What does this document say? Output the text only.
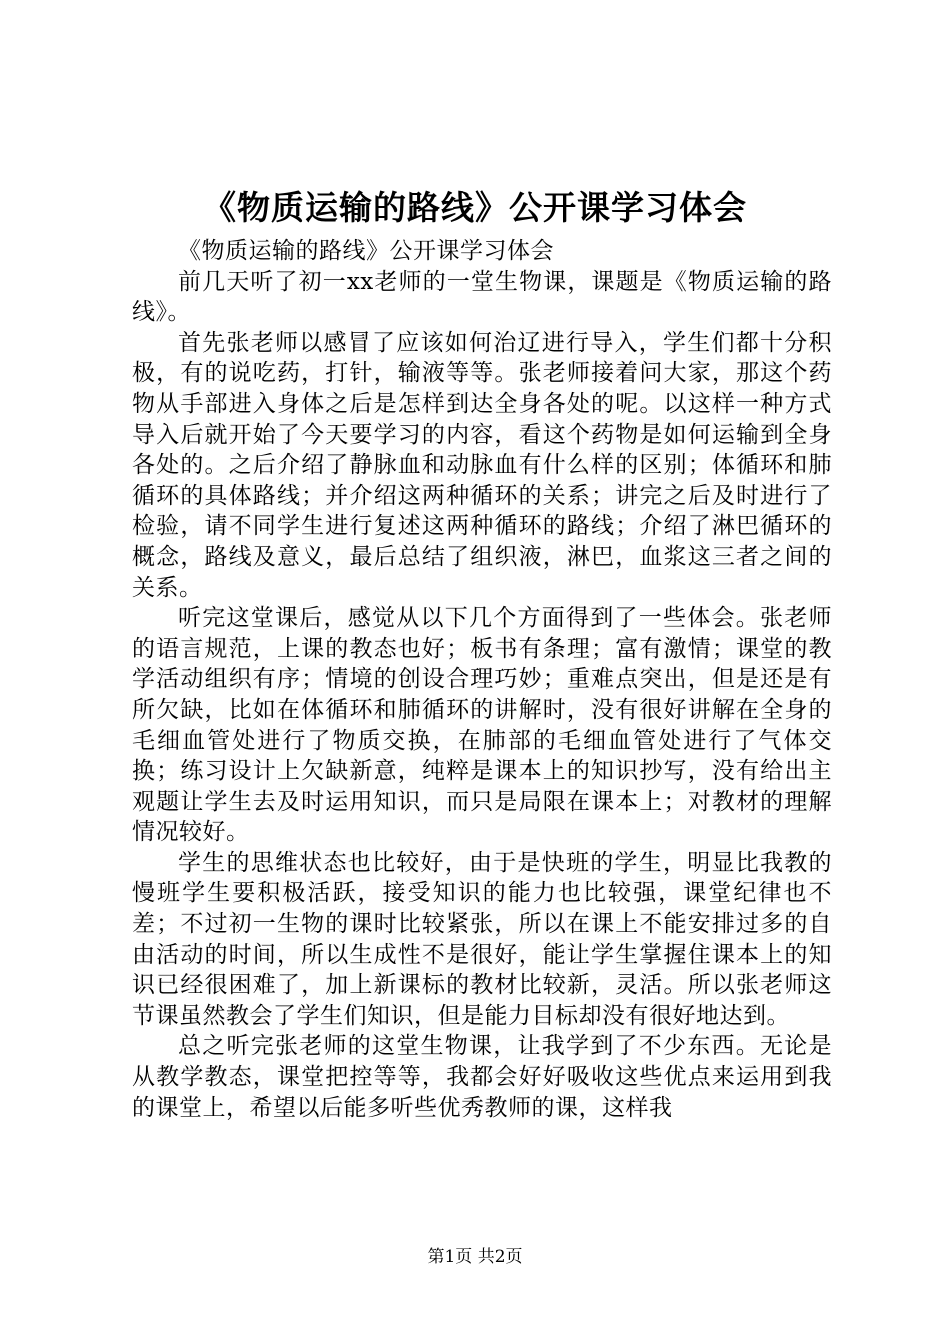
《物质运输的路线》公开课学习体会

《物质运输的路线》公开课学习体会

前几天听了初一xx老师的一堂生物课，课题是《物质运输的路线》。

首先张老师以感冒了应该如何治辽进行导入，学生们都十分积极，有的说吃药，打针，输液等等。张老师接着问大家，那这个药物从手部进入身体之后是怎样到达全身各处的呢。以这样一种方式导入后就开始了今天要学习的内容，看这个药物是如何运输到全身各处的。之后介绍了静脉血和动脉血有什么样的区别；体循环和肺循环的具体路线；并介绍这两种循环的关系；讲完之后及时进行了检验，请不同学生进行复述这两种循环的路线；介绍了淋巴循环的概念，路线及意义，最后总结了组织液，淋巴，血浆这三者之间的关系。

听完这堂课后，感觉从以下几个方面得到了一些体会。张老师的语言规范，上课的教态也好；板书有条理；富有激情；课堂的教学活动组织有序；情境的创设合理巧妙；重难点突出，但是还是有所欠缺，比如在体循环和肺循环的讲解时，没有很好讲解在全身的毛细血管处进行了物质交换，在肺部的毛细血管处进行了气体交换；练习设计上欠缺新意，纯粹是课本上的知识抄写，没有给出主观题让学生去及时运用知识，而只是局限在课本上；对教材的理解情况较好。

学生的思维状态也比较好，由于是快班的学生，明显比我教的慢班学生要积极活跃，接受知识的能力也比较强，课堂纪律也不差；不过初一生物的课时比较紧张，所以在课上不能安排过多的自由活动的时间，所以生成性不是很好，能让学生掌握住课本上的知识已经很困难了，加上新课标的教材比较新，灵活。所以张老师这节课虽然教会了学生们知识，但是能力目标却没有很好地达到。

总之听完张老师的这堂生物课，让我学到了不少东西。无论是从教学教态，课堂把控等等，我都会好好吸收这些优点来运用到我的课堂上，希望以后能多听些优秀教师的课，这样我

第1页 共2页
